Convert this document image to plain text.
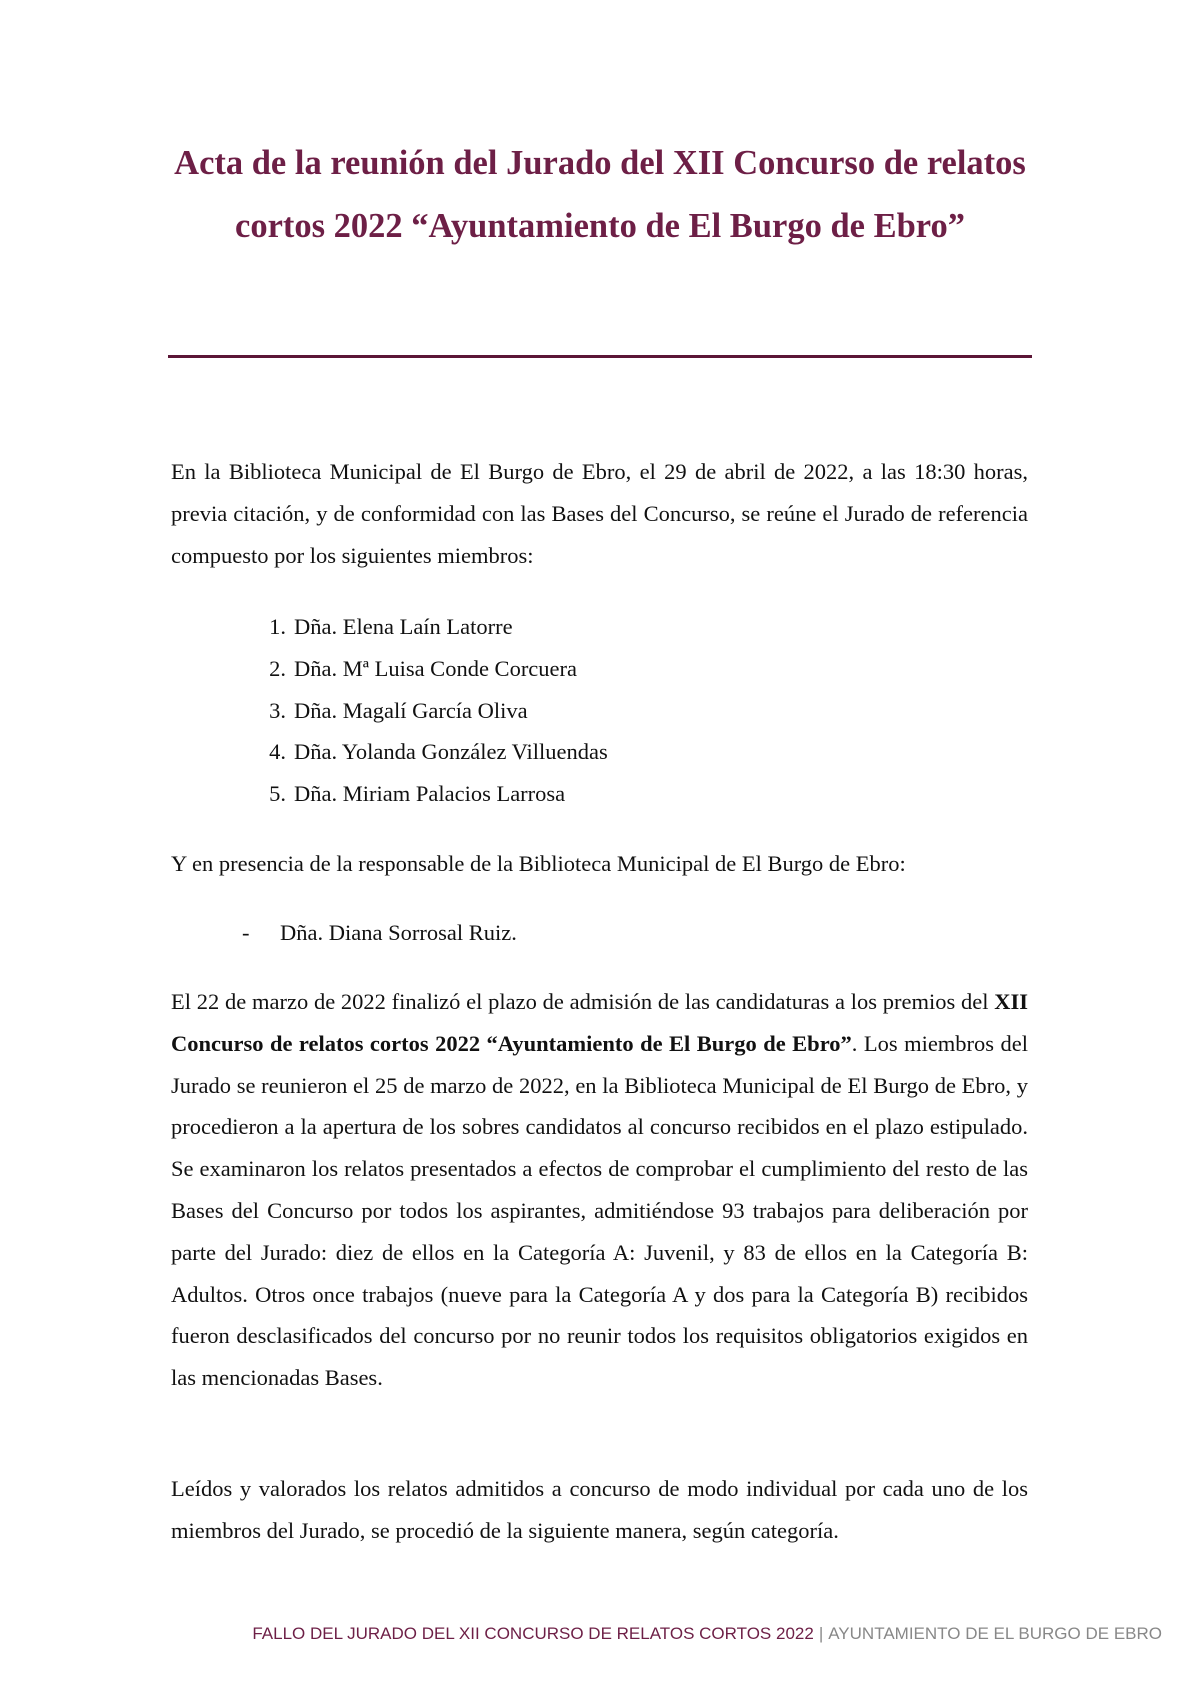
Acta de la reunión del Jurado del XII Concurso de relatos cortos 2022 “Ayuntamiento de El Burgo de Ebro”

En la Biblioteca Municipal de El Burgo de Ebro, el 29 de abril de 2022, a las 18:30 horas, previa citación, y de conformidad con las Bases del Concurso, se reúne el Jurado de referencia compuesto por los siguientes miembros:

1. Dña. Elena Laín Latorre
2. Dña. Mª Luisa Conde Corcuera
3. Dña. Magalí García Oliva
4. Dña. Yolanda González Villuendas
5. Dña. Miriam Palacios Larrosa

Y en presencia de la responsable de la Biblioteca Municipal de El Burgo de Ebro:

- Dña. Diana Sorrosal Ruiz.

El 22 de marzo de 2022 finalizó el plazo de admisión de las candidaturas a los premios del XII Concurso de relatos cortos 2022 “Ayuntamiento de El Burgo de Ebro”. Los miembros del Jurado se reunieron el 25 de marzo de 2022, en la Biblioteca Municipal de El Burgo de Ebro, y procedieron a la apertura de los sobres candidatos al concurso recibidos en el plazo estipulado. Se examinaron los relatos presentados a efectos de comprobar el cumplimiento del resto de las Bases del Concurso por todos los aspirantes, admitiéndose 93 trabajos para deliberación por parte del Jurado: diez de ellos en la Categoría A: Juvenil, y 83 de ellos en la Categoría B: Adultos. Otros once trabajos (nueve para la Categoría A y dos para la Categoría B) recibidos fueron desclasificados del concurso por no reunir todos los requisitos obligatorios exigidos en las mencionadas Bases.

Leídos y valorados los relatos admitidos a concurso de modo individual por cada uno de los miembros del Jurado, se procedió de la siguiente manera, según categoría.

FALLO DEL JURADO DEL XII CONCURSO DE RELATOS CORTOS 2022 | AYUNTAMIENTO DE EL BURGO DE EBRO
